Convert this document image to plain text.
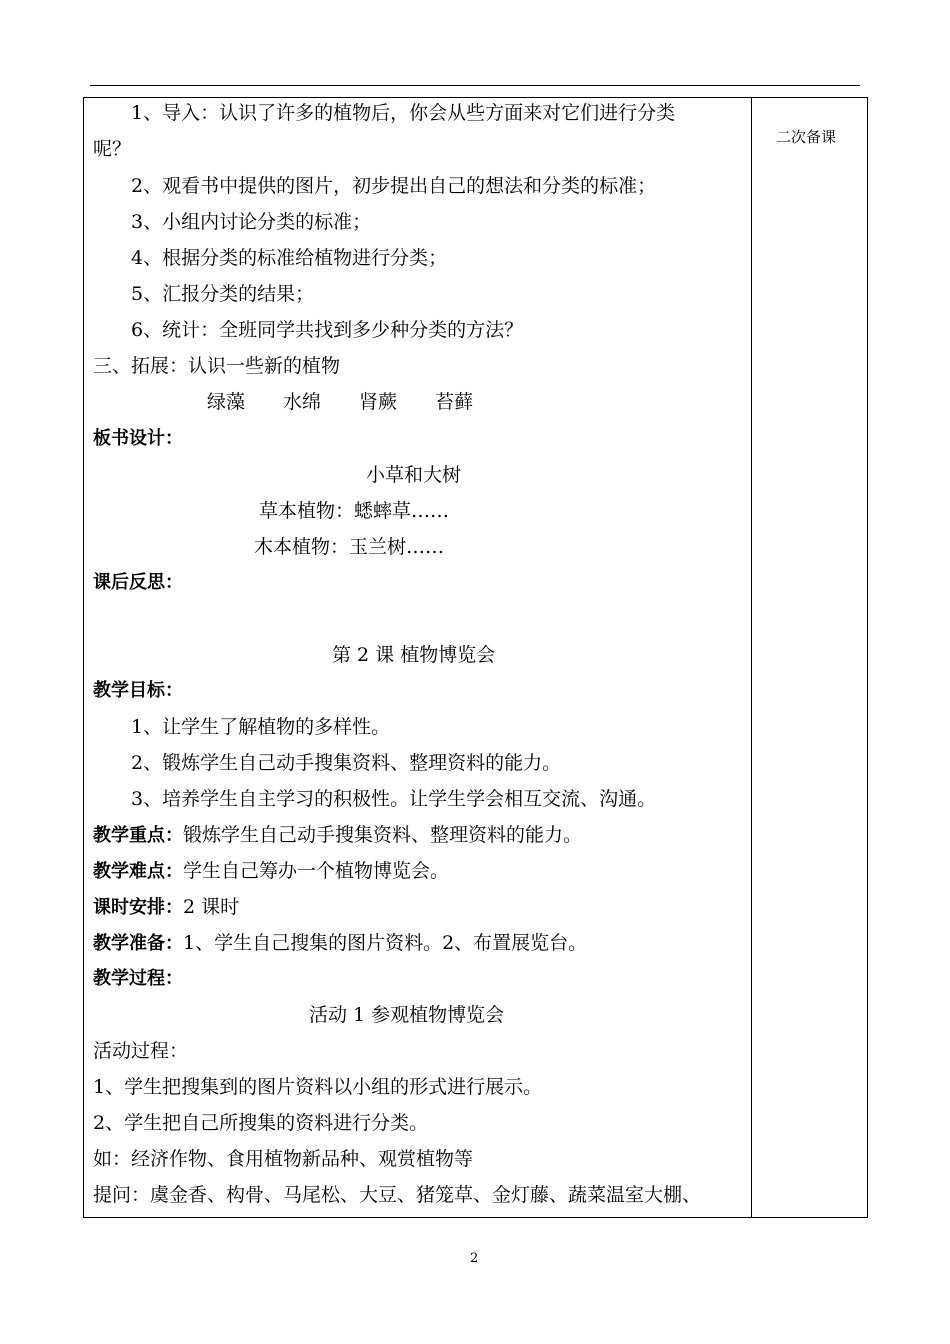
二次备课
1、导入：认识了许多的植物后，你会从些方面来对它们进行分类
呢？
2、观看书中提供的图片，初步提出自己的想法和分类的标准；
3、小组内讨论分类的标准；
4、根据分类的标准给植物进行分类；
5、汇报分类的结果；
6、统计：全班同学共找到多少种分类的方法？
三、拓展：认识一些新的植物
绿藻　　水绵　　肾蕨　　苔藓
板书设计：
小草和大树
草本植物：蟋蟀草……
木本植物：玉兰树……
课后反思：
第 2 课 植物博览会
教学目标：
1、让学生了解植物的多样性。
2、锻炼学生自己动手搜集资料、整理资料的能力。
3、培养学生自主学习的积极性。让学生学会相互交流、沟通。
教学重点：锻炼学生自己动手搜集资料、整理资料的能力。
教学难点：学生自己筹办一个植物博览会。
课时安排：2 课时
教学准备：1、学生自己搜集的图片资料。2、布置展览台。
教学过程：
活动 1 参观植物博览会
活动过程：
1、学生把搜集到的图片资料以小组的形式进行展示。
2、学生把自己所搜集的资料进行分类。
如：经济作物、食用植物新品种、观赏植物等
提问：虞金香、构骨、马尾松、大豆、猪笼草、金灯藤、蔬菜温室大棚、
2
